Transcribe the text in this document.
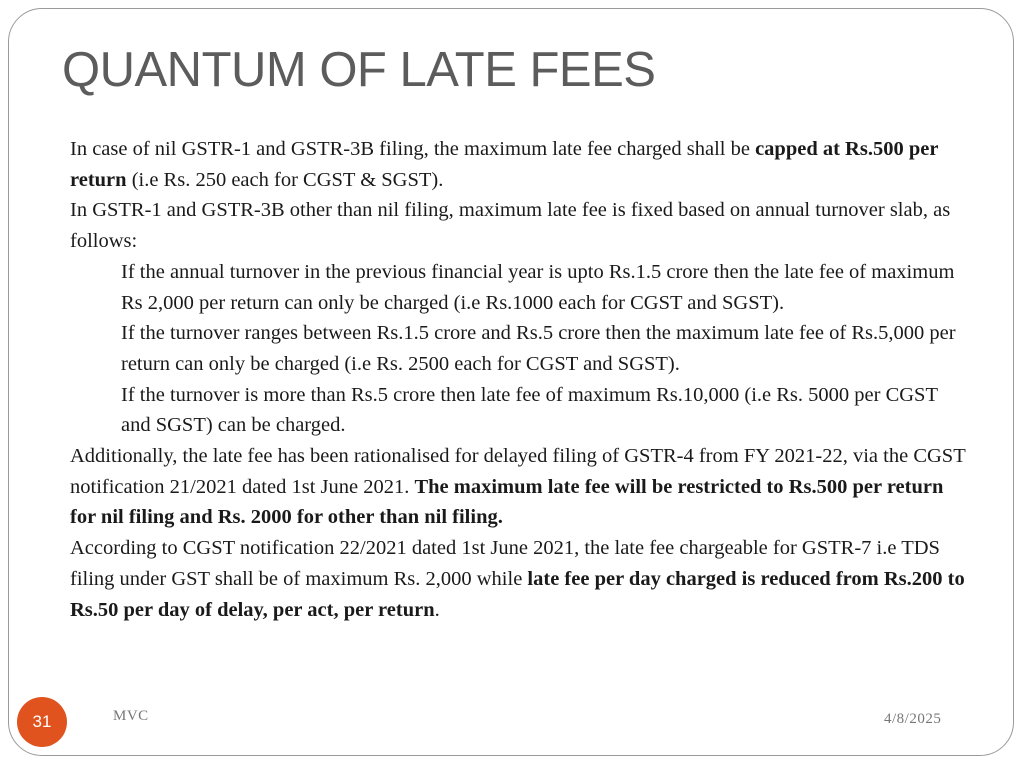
QUANTUM OF LATE FEES

In case of nil GSTR-1 and GSTR-3B filing, the maximum late fee charged shall be capped at Rs.500 per return (i.e Rs. 250 each for CGST & SGST).

In GSTR-1 and GSTR-3B other than nil filing, maximum late fee is fixed based on annual turnover slab, as follows:

If the annual turnover in the previous financial year is upto Rs.1.5 crore then the late fee of maximum Rs 2,000 per return can only be charged (i.e Rs.1000 each for CGST and SGST).

If the turnover ranges between Rs.1.5 crore and Rs.5 crore then the maximum late fee of Rs.5,000 per return can only be charged (i.e Rs. 2500 each for CGST and SGST).

If the turnover is more than Rs.5 crore then late fee of maximum Rs.10,000 (i.e Rs. 5000 per CGST and SGST) can be charged.

Additionally, the late fee has been rationalised for delayed filing of GSTR-4 from FY 2021-22, via the CGST notification 21/2021 dated 1st June 2021. The maximum late fee will be restricted to Rs.500 per return for nil filing and Rs. 2000 for other than nil filing.

According to CGST notification 22/2021 dated 1st June 2021, the late fee chargeable for GSTR-7 i.e TDS filing under GST shall be of maximum Rs. 2,000 while late fee per day charged is reduced from Rs.200 to Rs.50 per day of delay, per act, per return.

31	MVC	4/8/2025
